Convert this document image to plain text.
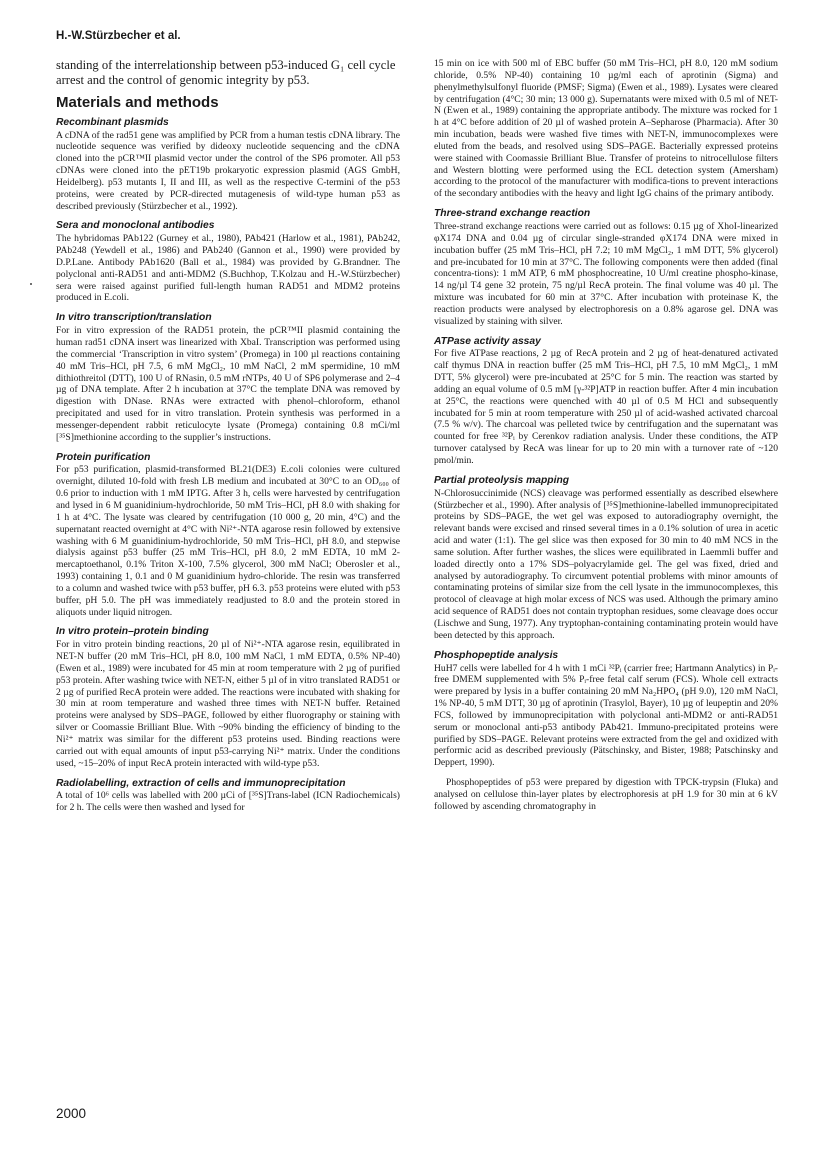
H.-W.Stürzbecher et al.

standing of the interrelationship between p53-induced G₁ cell cycle arrest and the control of genomic integrity by p53.

Materials and methods
Recombinant plasmids

A cDNA of the rad51 gene was amplified by PCR from a human testis cDNA library. The nucleotide sequence was verified by dideoxy nucleotide sequencing and the cDNA cloned into the pCR™II plasmid vector under the control of the SP6 promoter. All p53 cDNAs were cloned into the pET19b prokaryotic expression plasmid (AGS GmbH, Heidelberg). p53 mutants I, II and III, as well as the respective C-termini of the p53 proteins, were created by PCR-directed mutagenesis of wild-type human p53 as described previously (Stürzbecher et al., 1992).

Sera and monoclonal antibodies

The hybridomas PAb122 (Gurney et al., 1980), PAb421 (Harlow et al., 1981), PAb242, PAb248 (Yewdell et al., 1986) and PAb240 (Gannon et al., 1990) were provided by D.P.Lane. Antibody PAb1620 (Ball et al., 1984) was provided by G.Brandner. The polyclonal anti-RAD51 and anti-MDM2 (S.Buchhop, T.Kolzau and H.-W.Stürzbecher) sera were raised against purified full-length human RAD51 and MDM2 proteins produced in E.coli.

In vitro transcription/translation

For in vitro expression of the RAD51 protein, the pCR™II plasmid containing the human rad51 cDNA insert was linearized with XbaI. Transcription was performed using the commercial ‘Transcription in vitro system’ (Promega) in 100 µl reactions containing 40 mM Tris–HCl, pH 7.5, 6 mM MgCl₂, 10 mM NaCl, 2 mM spermidine, 10 mM dithiothreitol (DTT), 100 U of RNasin, 0.5 mM rNTPs, 40 U of SP6 polymerase and 2–4 µg of DNA template. After 2 h incubation at 37°C the template DNA was removed by digestion with DNase. RNAs were extracted with phenol–chloroform, ethanol precipitated and used for in vitro translation. Protein synthesis was performed in a messenger-dependent rabbit reticulocyte lysate (Promega) containing 0.8 mCi/ml [³⁵S]methionine according to the supplier’s instructions.

Protein purification

For p53 purification, plasmid-transformed BL21(DE3) E.coli colonies were cultured overnight, diluted 10-fold with fresh LB medium and incubated at 30°C to an OD₆₀₀ of 0.6 prior to induction with 1 mM IPTG. After 3 h, cells were harvested by centrifugation and lysed in 6 M guanidinium-hydrochloride, 50 mM Tris–HCl, pH 8.0 with shaking for 1 h at 4°C. The lysate was cleared by centrifugation (10 000 g, 20 min, 4°C) and the supernatant reacted overnight at 4°C with Ni²⁺-NTA agarose resin followed by extensive washing with 6 M guanidinium-hydrochloride, 50 mM Tris–HCl, pH 8.0, and stepwise dialysis against p53 buffer (25 mM Tris–HCl, pH 8.0, 2 mM EDTA, 10 mM 2-mercaptoethanol, 0.1% Triton X-100, 7.5% glycerol, 300 mM NaCl; Oberosler et al., 1993) containing 1, 0.1 and 0 M guanidinium hydro-chloride. The resin was transferred to a column and washed twice with p53 buffer, pH 6.3. p53 proteins were eluted with p53 buffer, pH 5.0. The pH was immediately readjusted to 8.0 and the protein stored in aliquots under liquid nitrogen.

In vitro protein–protein binding

For in vitro protein binding reactions, 20 µl of Ni²⁺-NTA agarose resin, equilibrated in NET-N buffer (20 mM Tris–HCl, pH 8.0, 100 mM NaCl, 1 mM EDTA, 0.5% NP-40) (Ewen et al., 1989) were incubated for 45 min at room temperature with 2 µg of purified p53 protein. After washing twice with NET-N, either 5 µl of in vitro translated RAD51 or 2 µg of purified RecA protein were added. The reactions were incubated with shaking for 30 min at room temperature and washed three times with NET-N buffer. Retained proteins were analysed by SDS–PAGE, followed by either fluorography or staining with silver or Coomassie Brilliant Blue. With ~90% binding the efficiency of binding to the Ni²⁺ matrix was similar for the different p53 proteins used. Binding reactions were carried out with equal amounts of input p53-carrying Ni²⁺ matrix. Under the conditions used, ~15–20% of input RecA protein interacted with wild-type p53.

Radiolabelling, extraction of cells and immunoprecipitation

A total of 10⁶ cells was labelled with 200 µCi of [³⁵S]Trans-label (ICN Radiochemicals) for 2 h. The cells were then washed and lysed for

15 min on ice with 500 ml of EBC buffer (50 mM Tris–HCl, pH 8.0, 120 mM sodium chloride, 0.5% NP-40) containing 10 µg/ml each of aprotinin (Sigma) and phenylmethylsulfonyl fluoride (PMSF; Sigma) (Ewen et al., 1989). Lysates were cleared by centrifugation (4°C; 30 min; 13 000 g). Supernatants were mixed with 0.5 ml of NET-N (Ewen et al., 1989) containing the appropriate antibody. The mixture was rocked for 1 h at 4°C before addition of 20 µl of washed protein A–Sepharose (Pharmacia). After 30 min incubation, beads were washed five times with NET-N, immunocomplexes were eluted from the beads, and resolved using SDS–PAGE. Bacterially expressed proteins were stained with Coomassie Brilliant Blue. Transfer of proteins to nitrocellulose filters and Western blotting were performed using the ECL detection system (Amersham) according to the protocol of the manufacturer with modifica-tions to prevent interactions of the secondary antibodies with the heavy and light IgG chains of the primary antibody.

Three-strand exchange reaction

Three-strand exchange reactions were carried out as follows: 0.15 µg of XhoI-linearized φX174 DNA and 0.04 µg of circular single-stranded φX174 DNA were mixed in incubation buffer (25 mM Tris–HCl, pH 7.2; 10 mM MgCl₂, 1 mM DTT, 5% glycerol) and pre-incubated for 10 min at 37°C. The following components were then added (final concentra-tions): 1 mM ATP, 6 mM phosphocreatine, 10 U/ml creatine phospho-kinase, 14 ng/µl T4 gene 32 protein, 75 ng/µl RecA protein. The final volume was 40 µl. The mixture was incubated for 60 min at 37°C. After incubation with proteinase K, the reaction products were analysed by electrophoresis on a 0.8% agarose gel. DNA was visualized by staining with silver.

ATPase activity assay

For five ATPase reactions, 2 µg of RecA protein and 2 µg of heat-denatured activated calf thymus DNA in reaction buffer (25 mM Tris–HCl, pH 7.5, 10 mM MgCl₂, 1 mM DTT, 5% glycerol) were pre-incubated at 25°C for 5 min. The reaction was started by adding an equal volume of 0.5 mM [γ-³²P]ATP in reaction buffer. After 4 min incubation at 25°C, the reactions were quenched with 40 µl of 0.5 M HCl and subsequently incubated for 5 min at room temperature with 250 µl of acid-washed activated charcoal (7.5 % w/v). The charcoal was pelleted twice by centrifugation and the supernatant was counted for free ³²Pᵢ by Cerenkov radiation analysis. Under these conditions, the ATP turnover catalysed by RecA was linear for up to 20 min with a turnover rate of ~120 pmol/min.

Partial proteolysis mapping

N-Chlorosuccinimide (NCS) cleavage was performed essentially as described elsewhere (Stürzbecher et al., 1990). After analysis of [³⁵S]methionine-labelled immunoprecipitated proteins by SDS–PAGE, the wet gel was exposed to autoradiography overnight, the relevant bands were excised and rinsed several times in a 0.1% solution of urea in acetic acid and water (1:1). The gel slice was then exposed for 30 min to 40 mM NCS in the same solution. After further washes, the slices were equilibrated in Laemmli buffer and loaded directly onto a 17% SDS–polyacrylamide gel. The gel was fixed, dried and analysed by autoradiography. To circumvent potential problems with minor amounts of contaminating proteins of similar size from the cell lysate in the immunocomplexes, this protocol of cleavage at high molar excess of NCS was used. Although the primary amino acid sequence of RAD51 does not contain tryptophan residues, some cleavage does occur (Lischwe and Sung, 1977). Any tryptophan-containing contaminating protein would have been detected by this approach.

Phosphopeptide analysis

HuH7 cells were labelled for 4 h with 1 mCi ³²Pᵢ (carrier free; Hartmann Analytics) in Pᵢ-free DMEM supplemented with 5% Pᵢ-free fetal calf serum (FCS). Whole cell extracts were prepared by lysis in a buffer containing 20 mM Na₂HPO₄ (pH 9.0), 120 mM NaCl, 1% NP-40, 5 mM DTT, 30 µg of aprotinin (Trasylol, Bayer), 10 µg of leupeptin and 20% FCS, followed by immunoprecipitation with polyclonal anti-MDM2 or anti-RAD51 serum or monoclonal anti-p53 antibody PAb421. Immuno-precipitated proteins were purified by SDS–PAGE. Relevant proteins were extracted from the gel and oxidized with performic acid as described previously (Pätschinsky, and Bister, 1988; Patschinsky and Deppert, 1990).

Phosphopeptides of p53 were prepared by digestion with TPCK-trypsin (Fluka) and analysed on cellulose thin-layer plates by electrophoresis at pH 1.9 for 30 min at 6 kV followed by ascending chromatography in

2000
